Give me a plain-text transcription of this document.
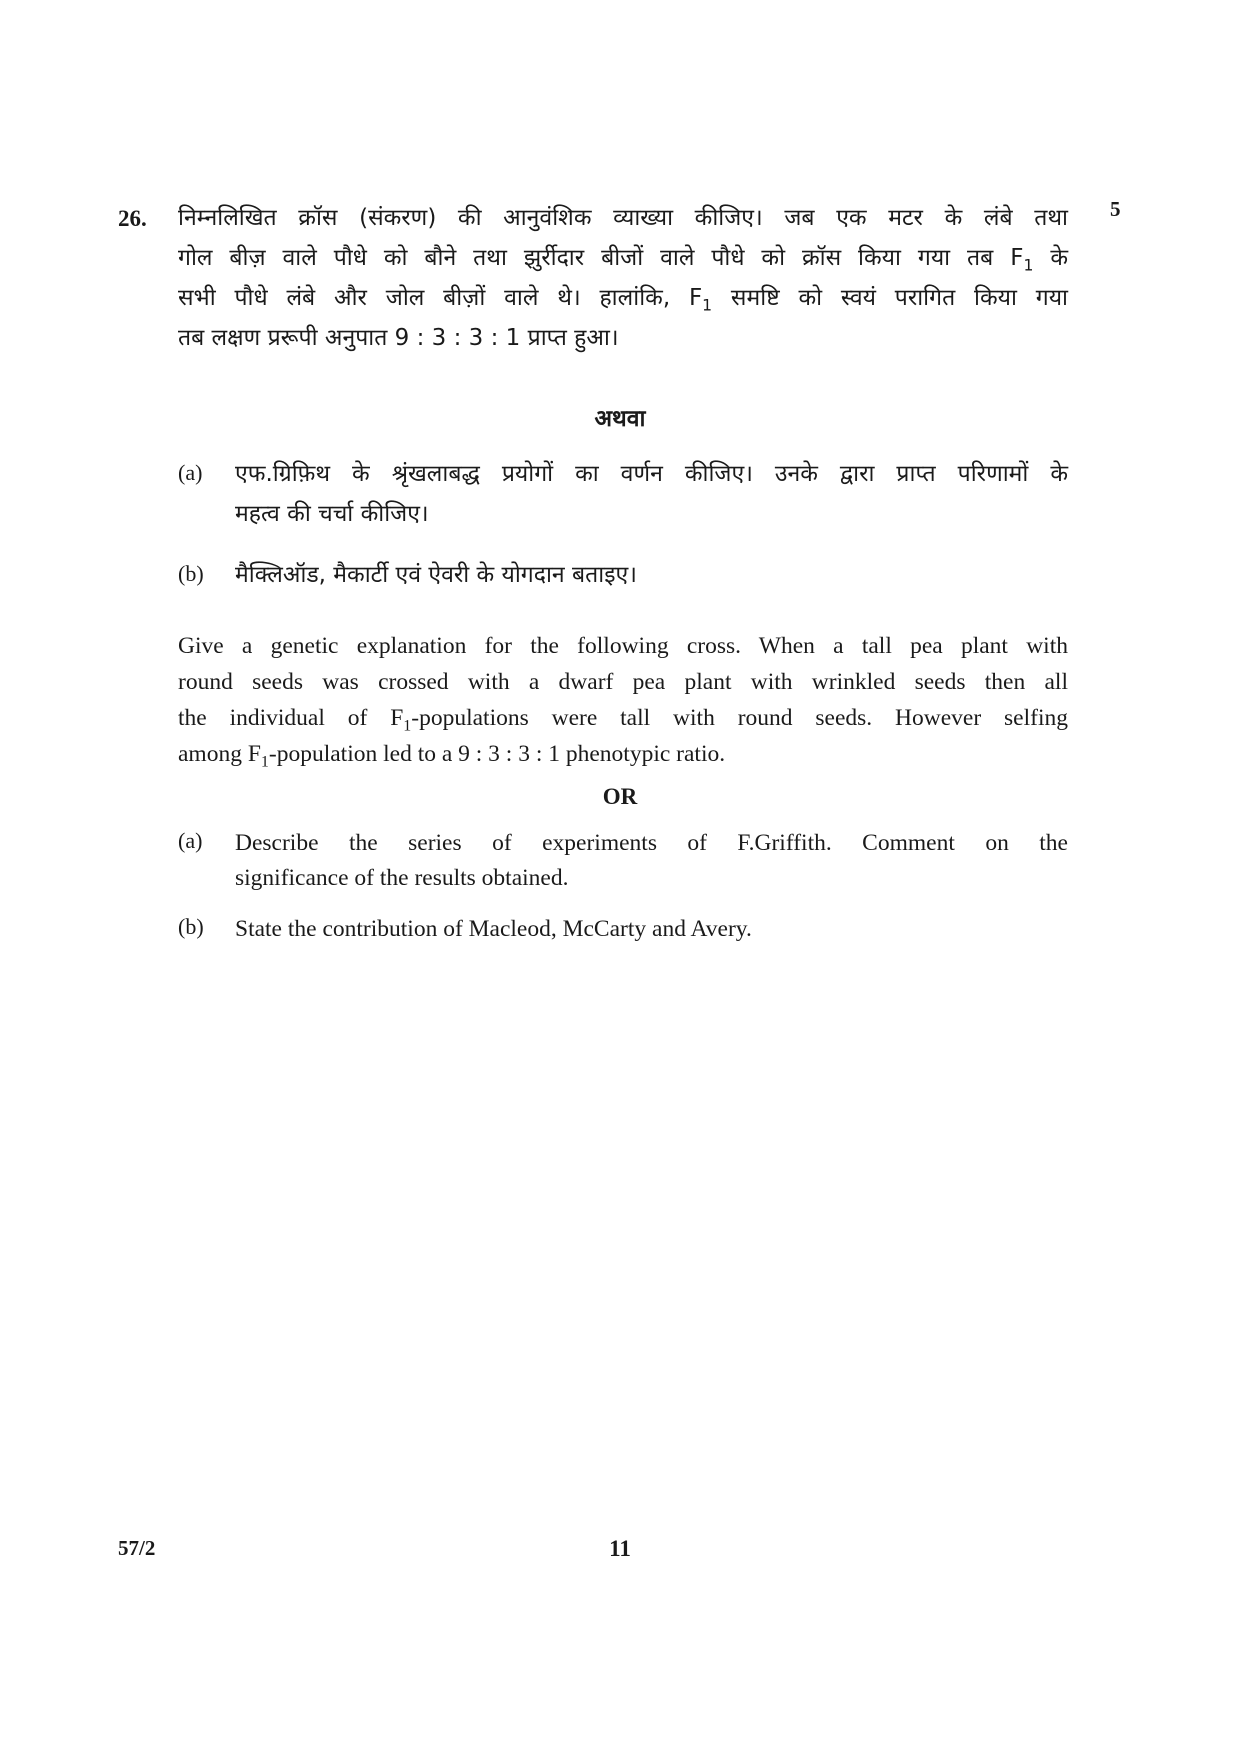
26.	5
निम्नलिखित क्रॉस (संकरण) की आनुवंशिक व्याख्या कीजिए। जब एक मटर के लंबे तथा
गोल बीज़ वाले पौधे को बौने तथा झुर्रीदार बीजों वाले पौधे को क्रॉस किया गया तब $F_1$ के
सभी पौधे लंबे और जोल बीज़ों वाले थे। हालांकि, $F_1$ समष्टि को स्वयं परागित किया गया
तब लक्षण प्ररूपी अनुपात 9 : 3 : 3 : 1 प्राप्त हुआ।
अथवा
(a) एफ.ग्रिफ़िथ के श्रृंखलाबद्ध प्रयोगों का वर्णन कीजिए। उनके द्वारा प्राप्त परिणामों के
महत्व की चर्चा कीजिए।
(b) मैक्लिऑड, मैकार्टी एवं ऐवरी के योगदान बताइए।
Give a genetic explanation for the following cross. When a tall pea plant with
round seeds was crossed with a dwarf pea plant with wrinkled seeds then all
the individual of $F_1$-populations were tall with round seeds. However selfing
among $F_1$-population led to a 9 : 3 : 3 : 1 phenotypic ratio.
OR
(a) Describe the series of experiments of F.Griffith. Comment on the
significance of the results obtained.
(b) State the contribution of Macleod, McCarty and Avery.
57/2	11
